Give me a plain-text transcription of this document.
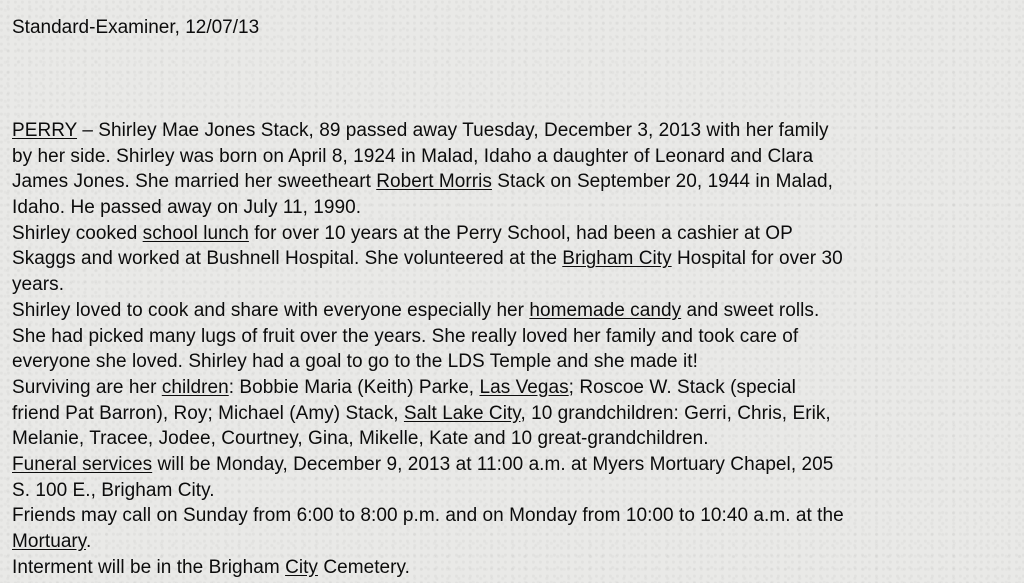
Standard-Examiner, 12/07/13

PERRY – Shirley Mae Jones Stack, 89 passed away Tuesday, December 3, 2013 with her family
by her side. Shirley was born on April 8, 1924 in Malad, Idaho a daughter of Leonard and Clara
James Jones. She married her sweetheart Robert Morris Stack on September 20, 1944 in Malad,
Idaho. He passed away on July 11, 1990.
Shirley cooked school lunch for over 10 years at the Perry School, had been a cashier at OP
Skaggs and worked at Bushnell Hospital. She volunteered at the Brigham City Hospital for over 30
years.
Shirley loved to cook and share with everyone especially her homemade candy and sweet rolls.
She had picked many lugs of fruit over the years. She really loved her family and took care of
everyone she loved. Shirley had a goal to go to the LDS Temple and she made it!
Surviving are her children: Bobbie Maria (Keith) Parke, Las Vegas; Roscoe W. Stack (special
friend Pat Barron), Roy; Michael (Amy) Stack, Salt Lake City, 10 grandchildren: Gerri, Chris, Erik,
Melanie, Tracee, Jodee, Courtney, Gina, Mikelle, Kate and 10 great-grandchildren.
Funeral services will be Monday, December 9, 2013 at 11:00 a.m. at Myers Mortuary Chapel, 205
S. 100 E., Brigham City.
Friends may call on Sunday from 6:00 to 8:00 p.m. and on Monday from 10:00 to 10:40 a.m. at the
Mortuary.
Interment will be in the Brigham City Cemetery.
